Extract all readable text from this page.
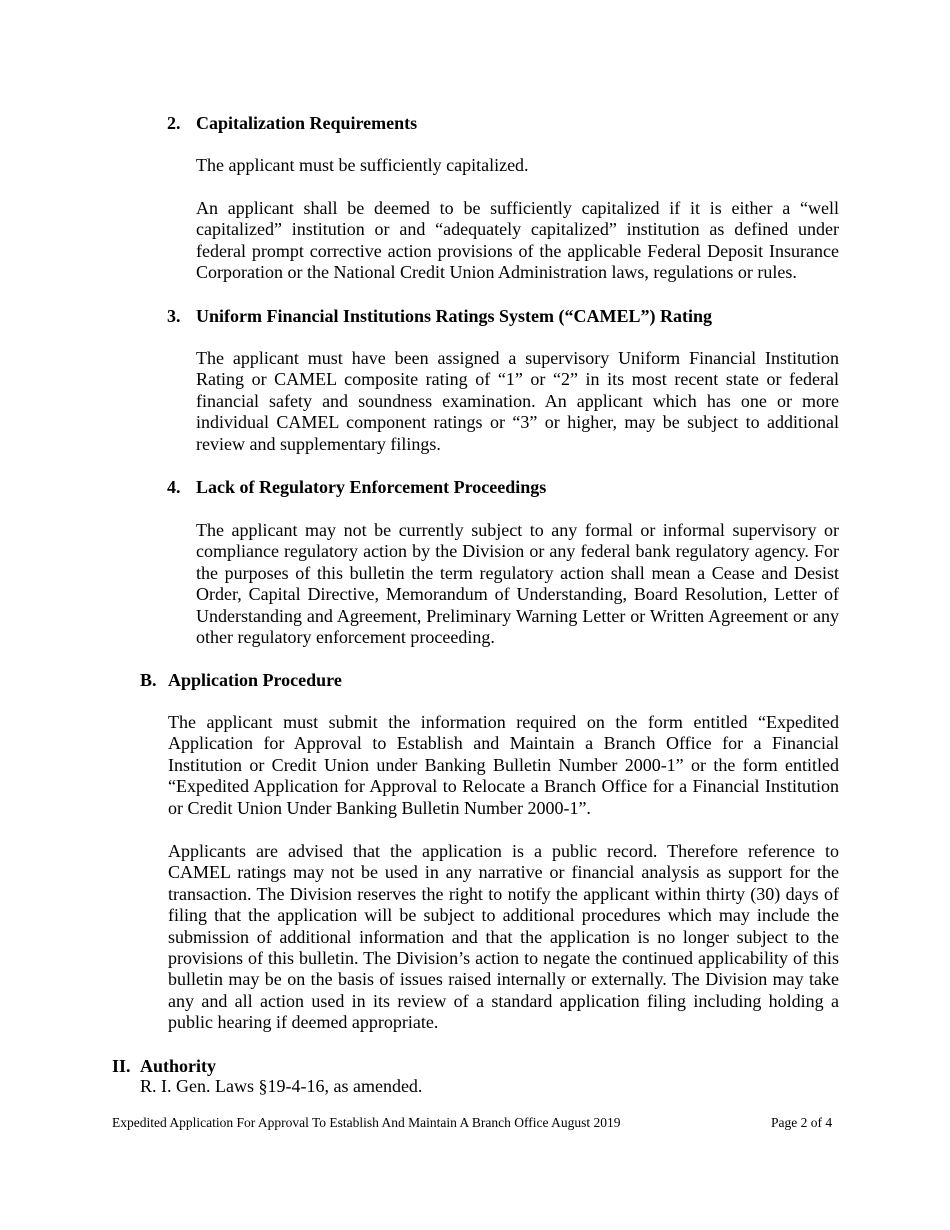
2. Capitalization Requirements
The applicant must be sufficiently capitalized.
An applicant shall be deemed to be sufficiently capitalized if it is either a “well capitalized” institution or and “adequately capitalized” institution as defined under federal prompt corrective action provisions of the applicable Federal Deposit Insurance Corporation or the National Credit Union Administration laws, regulations or rules.
3. Uniform Financial Institutions Ratings System (“CAMEL”) Rating
The applicant must have been assigned a supervisory Uniform Financial Institution Rating or CAMEL composite rating of “1” or “2” in its most recent state or federal financial safety and soundness examination. An applicant which has one or more individual CAMEL component ratings or “3” or higher, may be subject to additional review and supplementary filings.
4. Lack of Regulatory Enforcement Proceedings
The applicant may not be currently subject to any formal or informal supervisory or compliance regulatory action by the Division or any federal bank regulatory agency. For the purposes of this bulletin the term regulatory action shall mean a Cease and Desist Order, Capital Directive, Memorandum of Understanding, Board Resolution, Letter of Understanding and Agreement, Preliminary Warning Letter or Written Agreement or any other regulatory enforcement proceeding.
B. Application Procedure
The applicant must submit the information required on the form entitled “Expedited Application for Approval to Establish and Maintain a Branch Office for a Financial Institution or Credit Union under Banking Bulletin Number 2000-1” or the form entitled “Expedited Application for Approval to Relocate a Branch Office for a Financial Institution or Credit Union Under Banking Bulletin Number 2000-1”.
Applicants are advised that the application is a public record. Therefore reference to CAMEL ratings may not be used in any narrative or financial analysis as support for the transaction. The Division reserves the right to notify the applicant within thirty (30) days of filing that the application will be subject to additional procedures which may include the submission of additional information and that the application is no longer subject to the provisions of this bulletin. The Division’s action to negate the continued applicability of this bulletin may be on the basis of issues raised internally or externally. The Division may take any and all action used in its review of a standard application filing including holding a public hearing if deemed appropriate.
II. Authority
R. I. Gen. Laws §19-4-16, as amended.
Expedited Application For Approval To Establish And Maintain A Branch Office August 2019	Page 2 of 4
